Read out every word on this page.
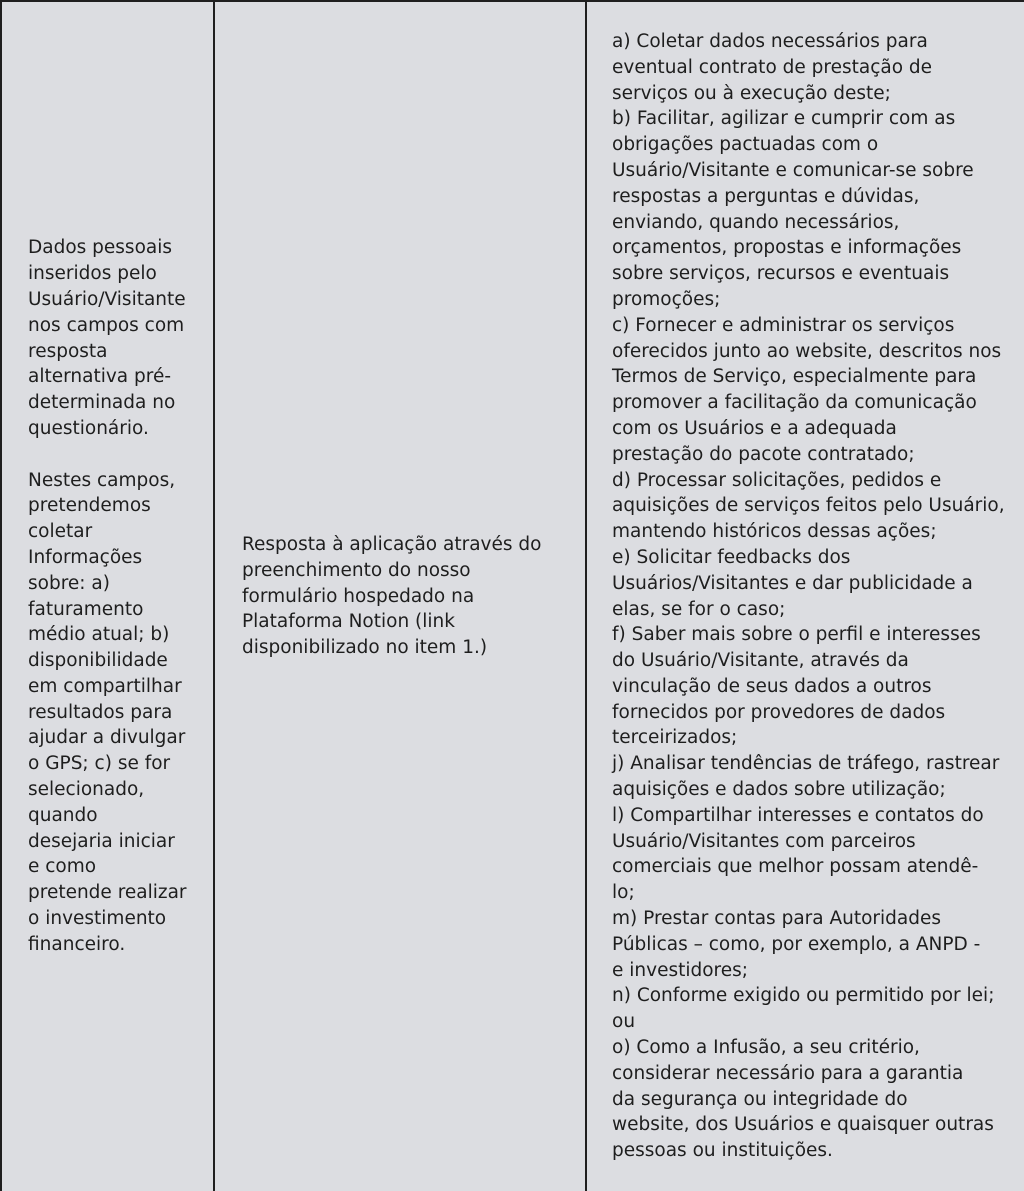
Dados pessoais
inseridos pelo
Usuário/Visitante
nos campos com
resposta
alternativa pré-
determinada no
questionário.

Nestes campos,
pretendemos
coletar
Informações
sobre: a)
faturamento
médio atual; b)
disponibilidade
em compartilhar
resultados para
ajudar a divulgar
o GPS; c) se for
selecionado,
quando
desejaria iniciar
e como
pretende realizar
o investimento
financeiro.

Resposta à aplicação através do
preenchimento do nosso
formulário hospedado na
Plataforma Notion (link
disponibilizado no item 1.)

a) Coletar dados necessários para
eventual contrato de prestação de
serviços ou à execução deste;
b) Facilitar, agilizar e cumprir com as
obrigações pactuadas com o
Usuário/Visitante e comunicar-se sobre
respostas a perguntas e dúvidas,
enviando, quando necessários,
orçamentos, propostas e informações
sobre serviços, recursos e eventuais
promoções;
c) Fornecer e administrar os serviços
oferecidos junto ao website, descritos nos
Termos de Serviço, especialmente para
promover a facilitação da comunicação
com os Usuários e a adequada
prestação do pacote contratado;
d) Processar solicitações, pedidos e
aquisições de serviços feitos pelo Usuário,
mantendo históricos dessas ações;
e) Solicitar feedbacks dos
Usuários/Visitantes e dar publicidade a
elas, se for o caso;
f) Saber mais sobre o perfil e interesses
do Usuário/Visitante, através da
vinculação de seus dados a outros
fornecidos por provedores de dados
terceirizados;
j) Analisar tendências de tráfego, rastrear
aquisições e dados sobre utilização;
l) Compartilhar interesses e contatos do
Usuário/Visitantes com parceiros
comerciais que melhor possam atendê-
lo;
m) Prestar contas para Autoridades
Públicas – como, por exemplo, a ANPD -
e investidores;
n) Conforme exigido ou permitido por lei;
ou
o) Como a Infusão, a seu critério,
considerar necessário para a garantia
da segurança ou integridade do
website, dos Usuários e quaisquer outras
pessoas ou instituições.
